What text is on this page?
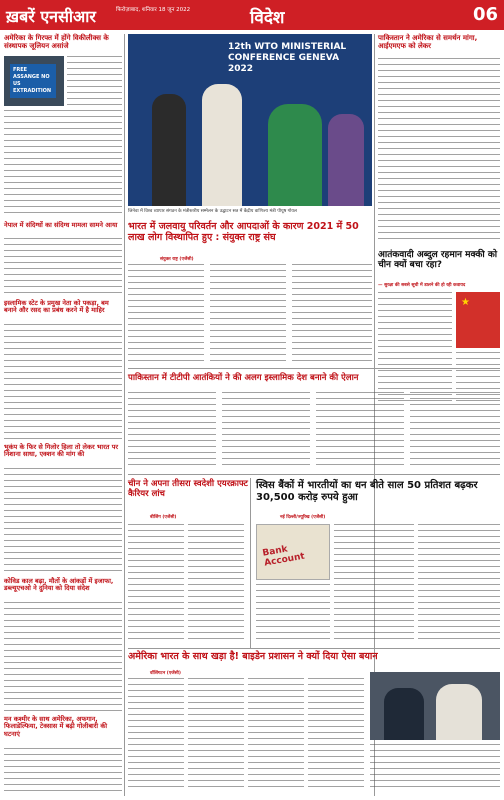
ख़बरें एनसीआर	फिरोज़ाबाद, शनिवार 18 जून 2022	विदेश	06
अमेरिका के गिरफ्त में होंगे विकीलीक्स के संस्थापक जूलियन असांजे
FREE ASSANGE NO US EXTRADITION
नेपाल में संदिग्धों का संदिग्ध मामला सामने आया
इस्लामिक स्टेट के प्रमुख नेता को पकड़ा, बम बनाने और रसद का प्रबंध करने में है माहिर
भूकंप के फिर से गिलोर हिला तो लेकर भारत पर निशाना साधा, एक्शन की मांग की
कोविड काल बढ़ा, मौतों के आंकड़ों में इजाफा, डब्ल्यूएचओ ने दुनिया को दिया संदेश
मन कश्मीर के साथ अमेरिका, अफगान, फिलाडेल्फिया, टेक्सास में बढ़ी गोलीबारी की घटनाएं
12th WTO MINISTERIAL CONFERENCE GENEVA 2022
जिनेवा में विश्व व्यापार संगठन के मंत्रीस्तरीय सम्मेलन के उद्घाटन सत्र में केंद्रीय वाणिज्य मंत्री पीयूष गोयल
पाकिस्तान ने अमेरिका से समर्थन मांगा, आईएमएफ को लेकर
आतंकवादी अब्दुल रहमान मक्की को चीन क्यों बचा रहा?
— सुरक्षा की सबसे सूची में डालने की हो रही कवायद
★
भारत में जलवायु परिवर्तन और आपदाओं के कारण 2021 में 50 लाख लोग विस्थापित हुए : संयुक्त राष्ट्र संघ
संयुक्त राष्ट्र (एजेंसी)
पाकिस्तान में टीटीपी आतंकियों ने की अलग इस्लामिक देश बनाने की ऐलान
चीन ने अपना तीसरा स्वदेशी एयरक्राफ्ट कैरियर लांच
बीजिंग (एजेंसी)
स्विस बैंकों में भारतीयों का धन बीते साल 50 प्रतिशत बढ़कर 30,500 करोड़ रुपये हुआ
नई दिल्ली/ज्यूरिख (एजेंसी)
Bank Account
अमेरिका भारत के साथ खड़ा है! बाइडेन प्रशासन ने क्यों दिया ऐसा बयान
वॉशिंगटन (एजेंसी)
